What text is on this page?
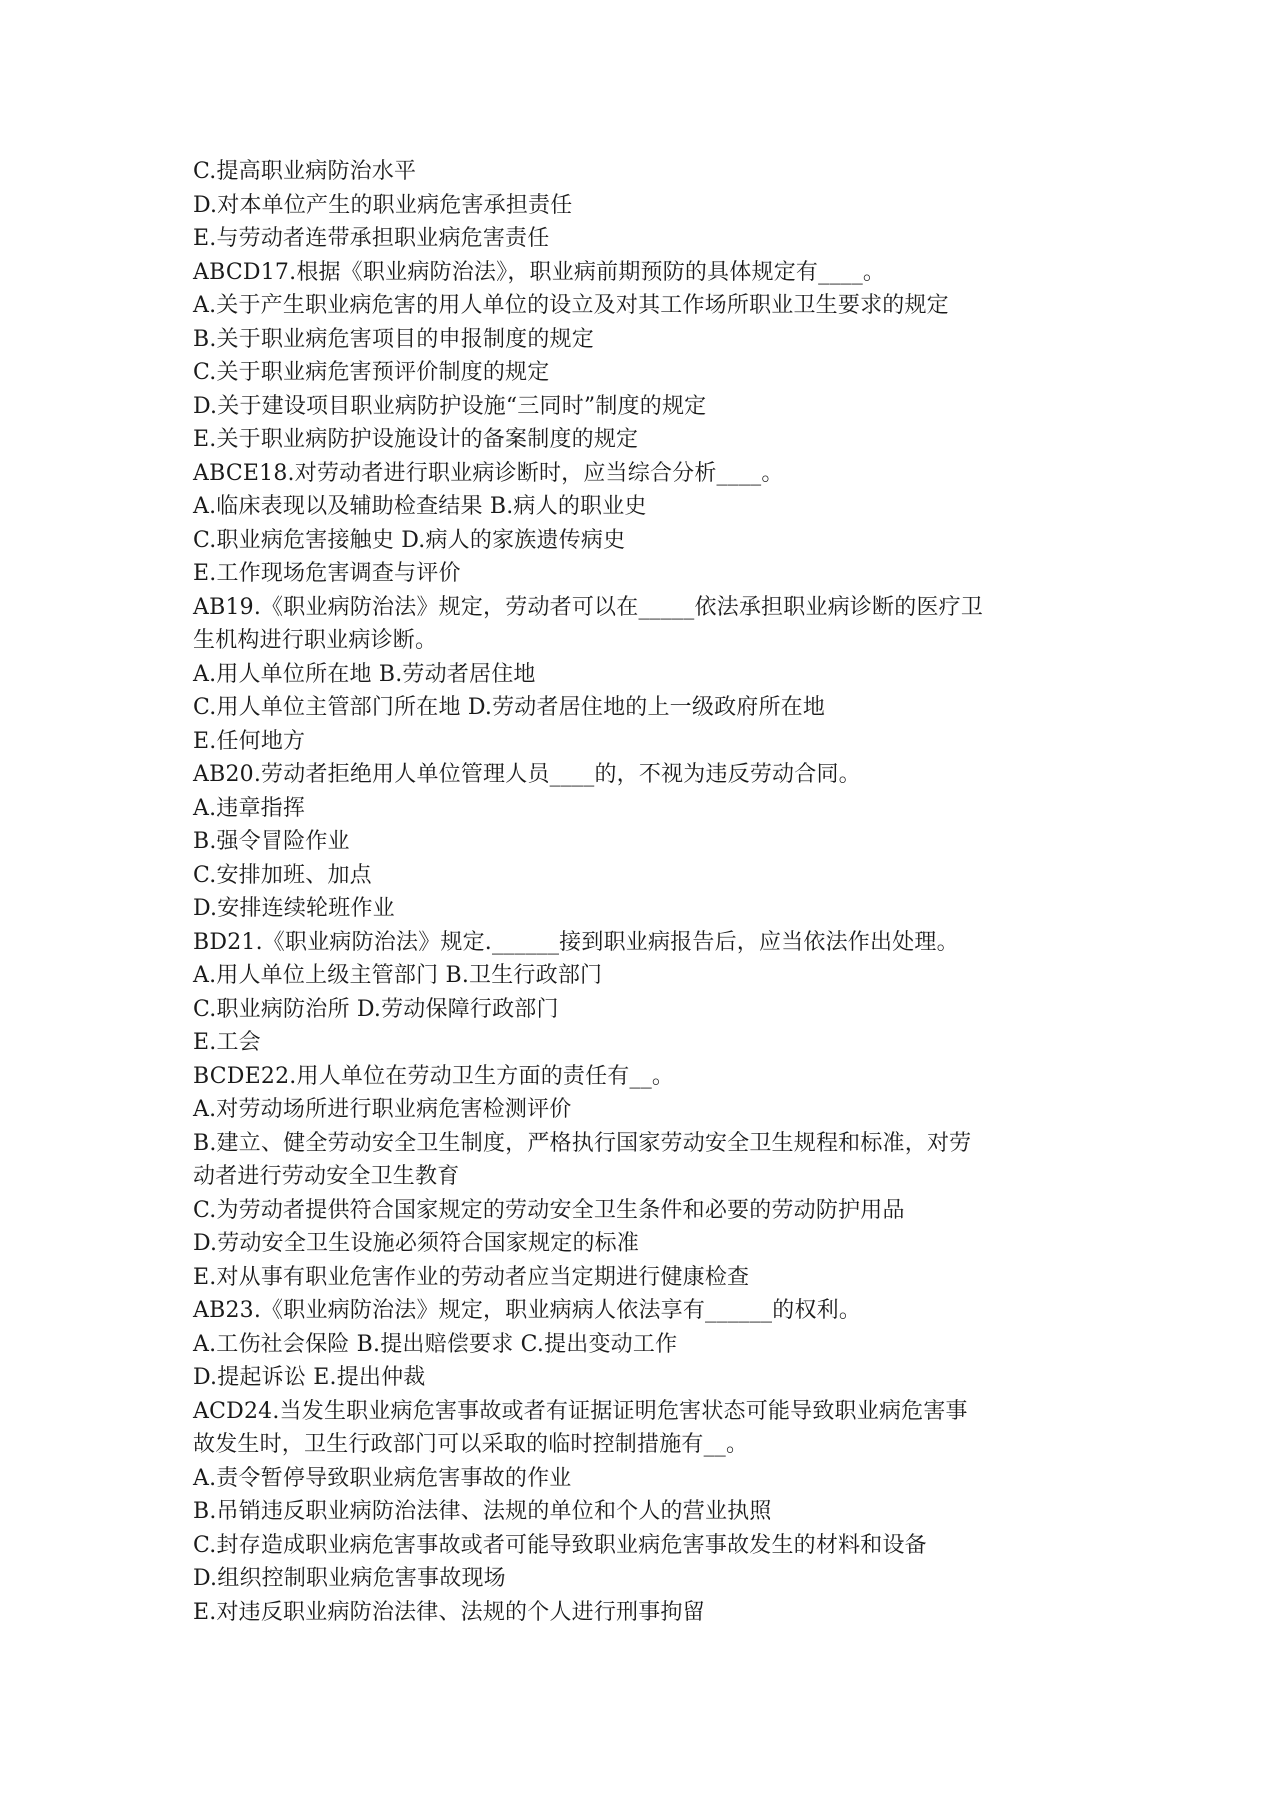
C.提高职业病防治水平
D.对本单位产生的职业病危害承担责任
E.与劳动者连带承担职业病危害责任
ABCD17.根据《职业病防治法》，职业病前期预防的具体规定有____。
A.关于产生职业病危害的用人单位的设立及对其工作场所职业卫生要求的规定
B.关于职业病危害项目的申报制度的规定
C.关于职业病危害预评价制度的规定
D.关于建设项目职业病防护设施“三同时”制度的规定
E.关于职业病防护设施设计的备案制度的规定
ABCE18.对劳动者进行职业病诊断时，应当综合分析____。
A.临床表现以及辅助检查结果 B.病人的职业史
C.职业病危害接触史 D.病人的家族遗传病史
E.工作现场危害调查与评价
AB19.《职业病防治法》规定，劳动者可以在_____依法承担职业病诊断的医疗卫
生机构进行职业病诊断。
A.用人单位所在地 B.劳动者居住地
C.用人单位主管部门所在地 D.劳动者居住地的上一级政府所在地
E.任何地方
AB20.劳动者拒绝用人单位管理人员____的，不视为违反劳动合同。
A.违章指挥
B.强令冒险作业
C.安排加班、加点
D.安排连续轮班作业
BD21.《职业病防治法》规定.______接到职业病报告后，应当依法作出处理。
A.用人单位上级主管部门 B.卫生行政部门
C.职业病防治所 D.劳动保障行政部门
E.工会
BCDE22.用人单位在劳动卫生方面的责任有__。
A.对劳动场所进行职业病危害检测评价
B.建立、健全劳动安全卫生制度，严格执行国家劳动安全卫生规程和标准，对劳
动者进行劳动安全卫生教育
C.为劳动者提供符合国家规定的劳动安全卫生条件和必要的劳动防护用品
D.劳动安全卫生设施必须符合国家规定的标准
E.对从事有职业危害作业的劳动者应当定期进行健康检查
AB23.《职业病防治法》规定，职业病病人依法享有______的权利。
A.工伤社会保险 B.提出赔偿要求 C.提出变动工作
D.提起诉讼 E.提出仲裁
ACD24.当发生职业病危害事故或者有证据证明危害状态可能导致职业病危害事
故发生时，卫生行政部门可以采取的临时控制措施有__。
A.责令暂停导致职业病危害事故的作业
B.吊销违反职业病防治法律、法规的单位和个人的营业执照
C.封存造成职业病危害事故或者可能导致职业病危害事故发生的材料和设备
D.组织控制职业病危害事故现场
E.对违反职业病防治法律、法规的个人进行刑事拘留
